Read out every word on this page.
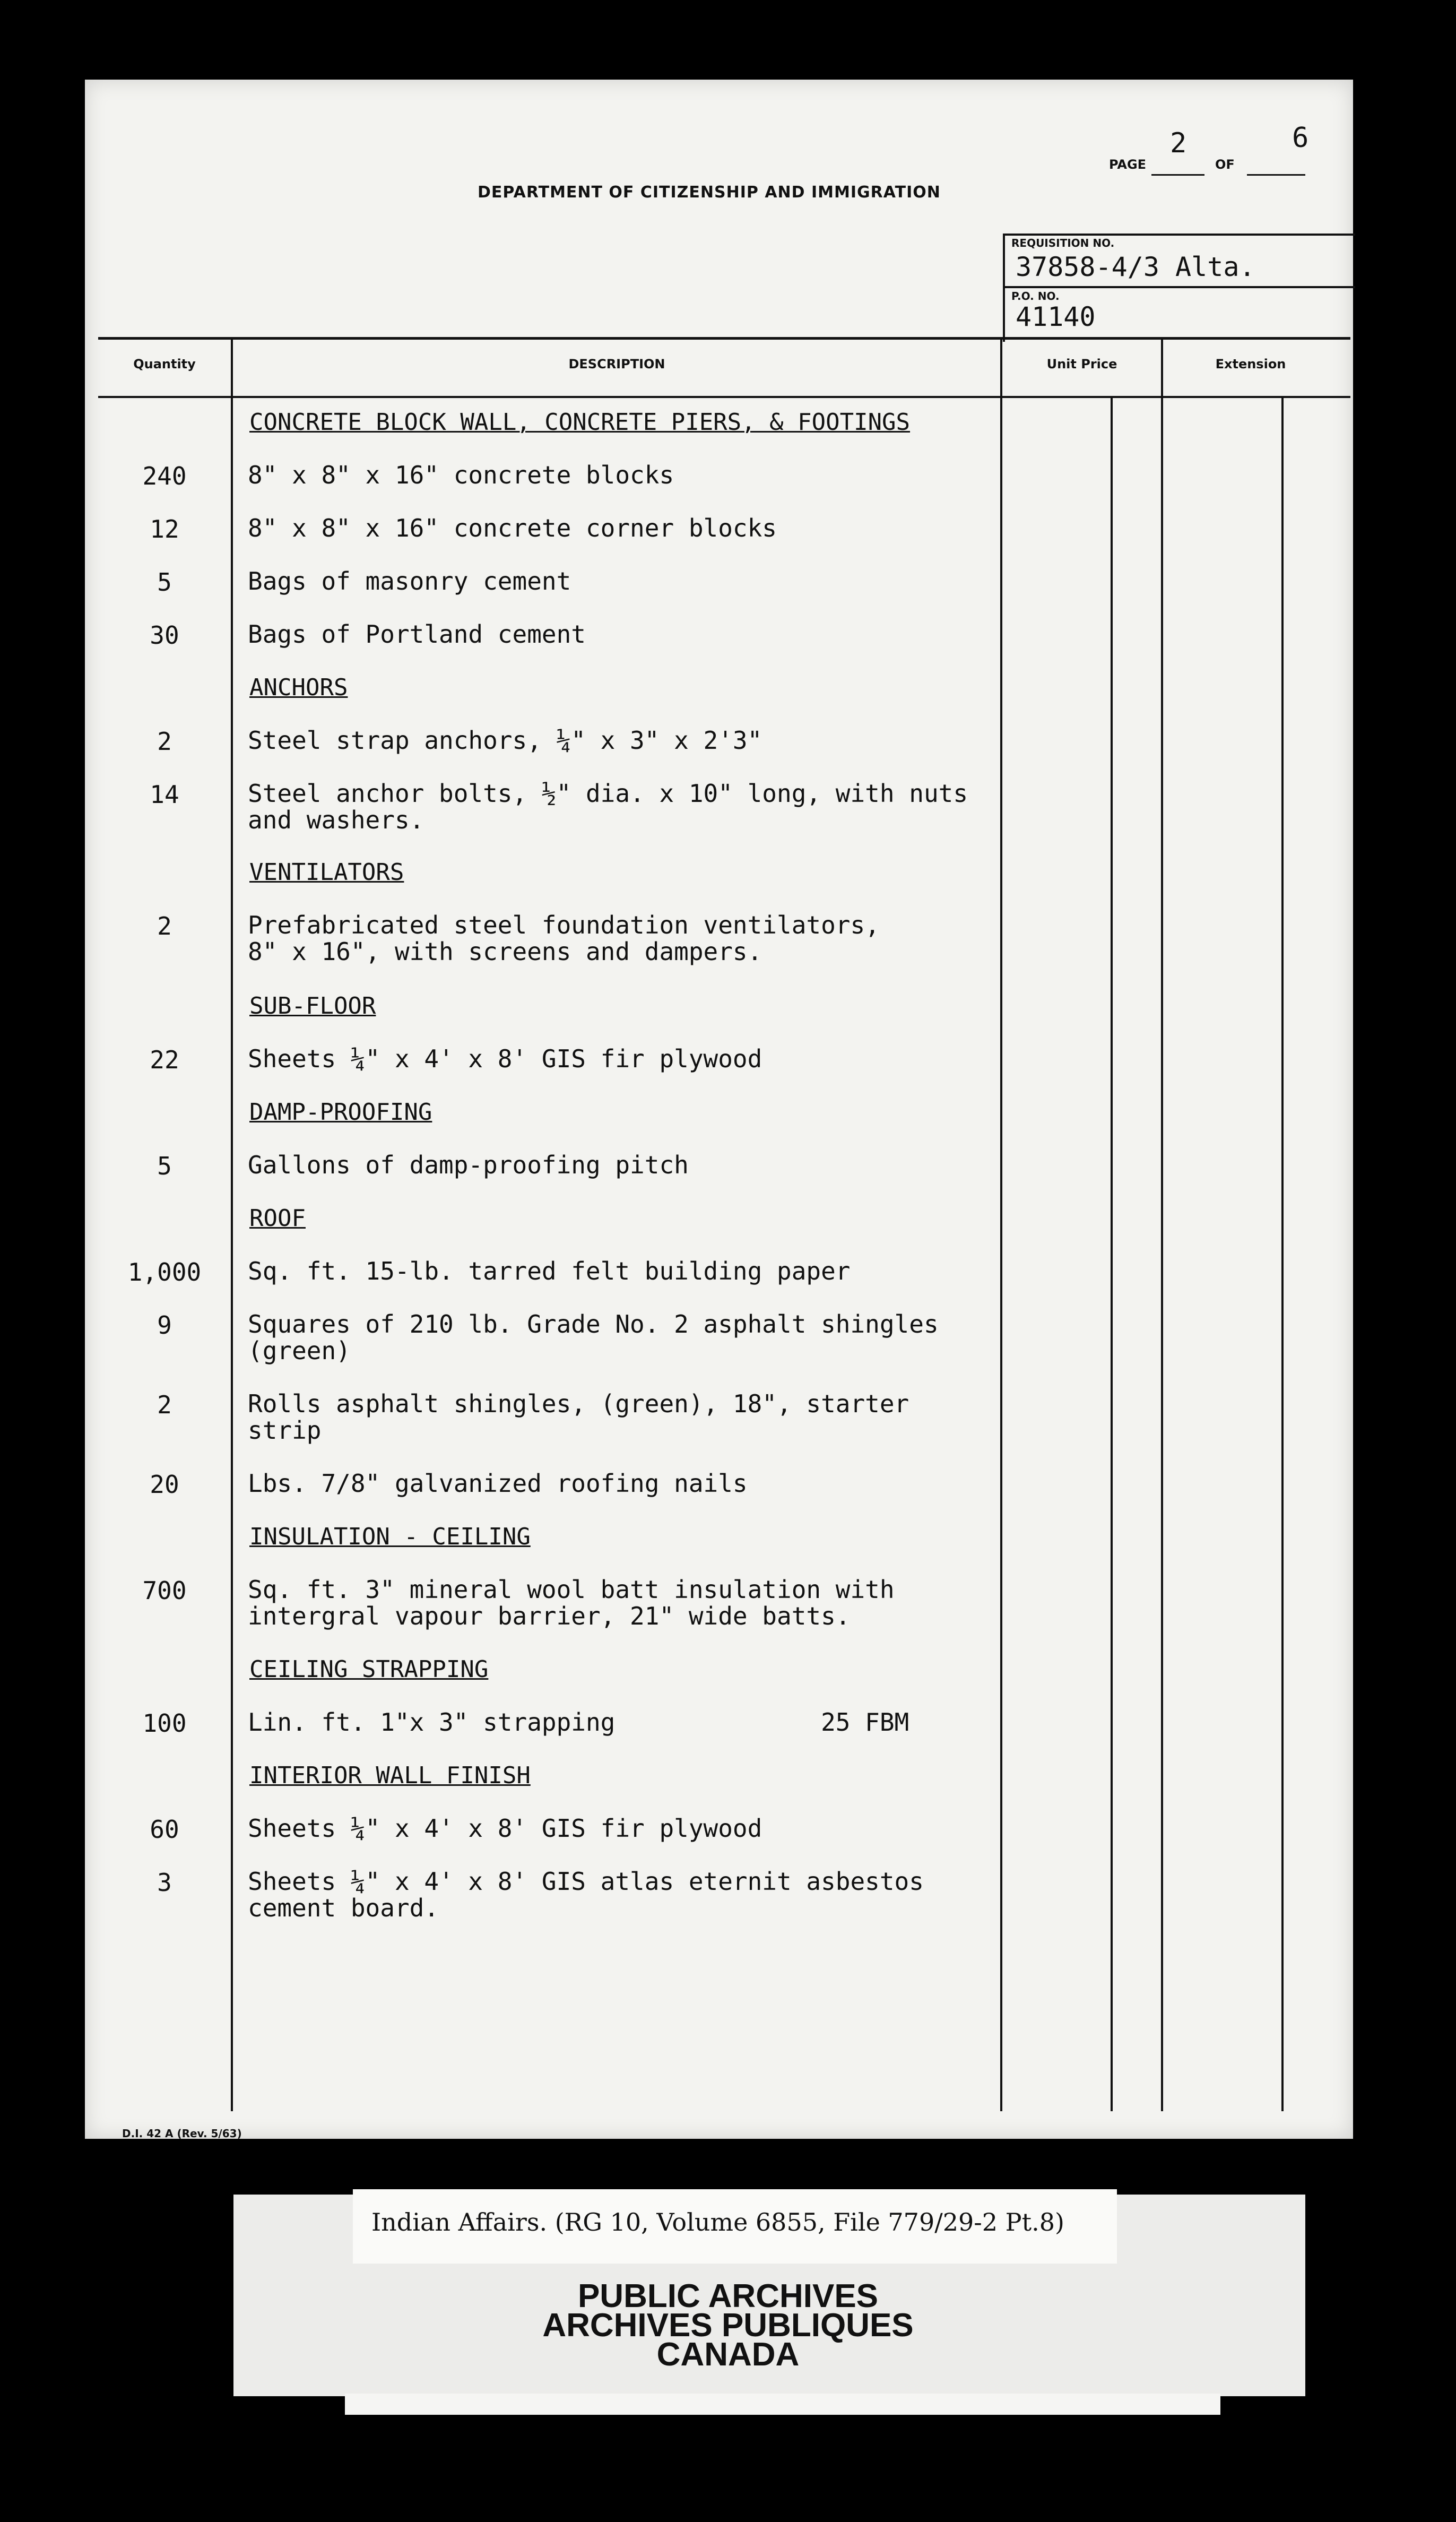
DEPARTMENT OF CITIZENSHIP AND IMMIGRATION
PAGE
2
OF
6
REQUISITION NO.
37858-4/3 Alta.
P.O. NO.
41140
Quantity	DESCRIPTION	Unit Price	Extension
CONCRETE BLOCK WALL, CONCRETE PIERS, & FOOTINGS
240	8" x 8" x 16" concrete blocks
12	8" x 8" x 16" concrete corner blocks
5	Bags of masonry cement
30	Bags of Portland cement
ANCHORS
2	Steel strap anchors, ¼" x 3" x 2'3"
14	Steel anchor bolts, ½" dia. x 10" long, with nuts
and washers.
VENTILATORS
2	Prefabricated steel foundation ventilators,
8" x 16", with screens and dampers.
SUB-FLOOR
22	Sheets ¼" x 4' x 8' GIS fir plywood
DAMP-PROOFING
5	Gallons of damp-proofing pitch
ROOF
1,000	Sq. ft. 15-lb. tarred felt building paper
9	Squares of 210 lb. Grade No. 2 asphalt shingles
(green)
2	Rolls asphalt shingles, (green), 18", starter
strip
20	Lbs. 7/8" galvanized roofing nails
INSULATION - CEILING
700	Sq. ft. 3" mineral wool batt insulation with
intergral vapour barrier, 21" wide batts.
CEILING STRAPPING
100	Lin. ft. 1"x 3" strapping              25 FBM
INTERIOR WALL FINISH
60	Sheets ¼" x 4' x 8' GIS fir plywood
3	Sheets ¼" x 4' x 8' GIS atlas eternit asbestos
cement board.
D.I. 42 A (Rev. 5/63)
Indian Affairs. (RG 10, Volume 6855, File 779/29-2 Pt.8)
PUBLIC ARCHIVES
ARCHIVES PUBLIQUES
CANADA
